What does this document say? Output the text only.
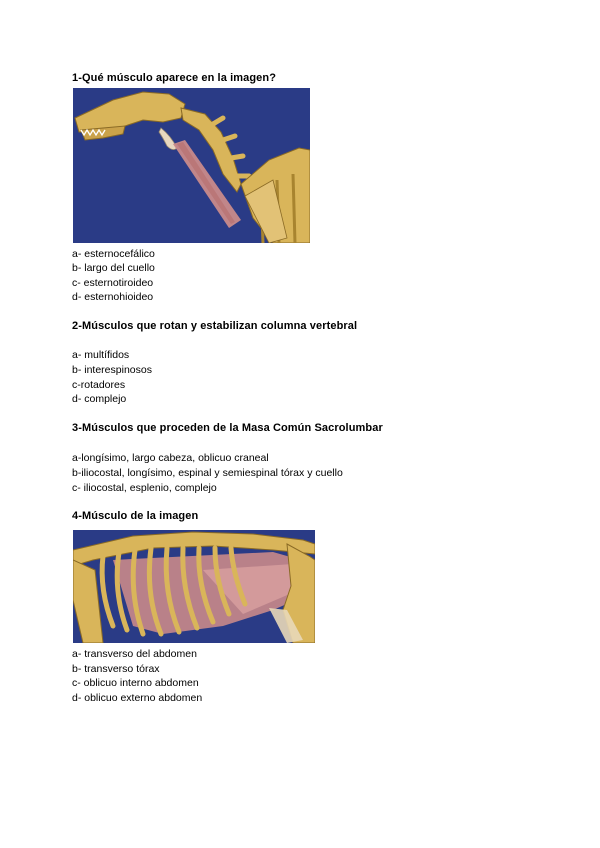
1-Qué músculo aparece en la imagen?
a- esternocefálico
b- largo del cuello
c- esternotiroideo
d- esternohioideo
2-Músculos que rotan y estabilizan columna vertebral
a- multífidos
b- interespinosos
c-rotadores
d- complejo
3-Músculos que proceden de la Masa Común Sacrolumbar
a-longísimo, largo cabeza, oblicuo craneal
b-iliocostal, longísimo, espinal y semiespinal tórax y cuello
c- iliocostal, esplenio, complejo
4-Músculo de la imagen
a- transverso del abdomen
b- transverso tórax
c- oblicuo interno abdomen
d- oblicuo externo abdomen
